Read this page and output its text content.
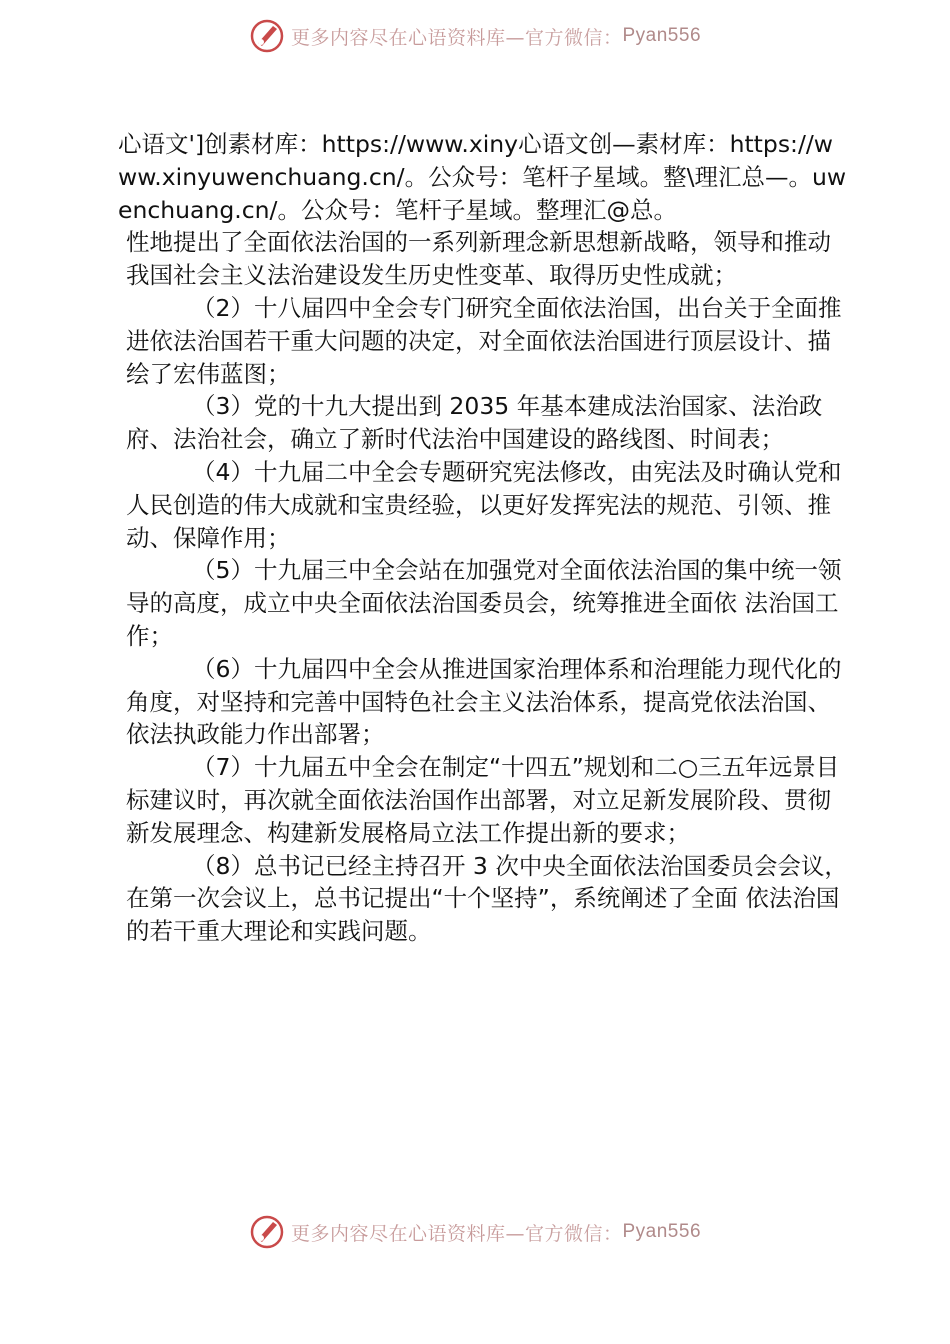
更多内容尽在心语资料库— 官方微信： Pyan556
心语文']创素材库：https://www.xiny心语文创—素材库：https://www.xinyuwenchuang.cn/。公众号：笔杆子星域。整\理汇总—。uwenchuang.cn/。公众号：笔杆子星域。整理汇@总。

性地提出了全面依法治国的一系列新理念新思想新战略，领导和推动我国社会主义法治建设发生历史性变革、取得历史性成就；

（2）十八届四中全会专门研究全面依法治国，出台关于全面推进依法治国若干重大问题的决定，对全面依法治国进行顶层设计、描绘了宏伟蓝图；

（3）党的十九大提出到 2035 年基本建成法治国家、法治政府、法治社会，确立了新时代法治中国建设的路线图、时间表；

（4）十九届二中全会专题研究宪法修改，由宪法及时确认党和人民创造的伟大成就和宝贵经验，以更好发挥宪法的规范、引领、推动、保障作用；

（5）十九届三中全会站在加强党对全面依法治国的集中统一领导的高度，成立中央全面依法治国委员会，统筹推进全面依 法治国工作；

（6）十九届四中全会从推进国家治理体系和治理能力现代化的角度，对坚持和完善中国特色社会主义法治体系，提高党依法治国、依法执政能力作出部署；

（7）十九届五中全会在制定“十四五”规划和二○三五年远景目标建议时，再次就全面依法治国作出部署，对立足新发展阶段、贯彻新发展理念、构建新发展格局立法工作提出新的要求；

（8）总书记已经主持召开 3 次中央全面依法治国委员会会议，在第一次会议上，总书记提出“十个坚持”，系统阐述了全面 依法治国的若干重大理论和实践问题。

更多内容尽在心语资料库— 官方微信： Pyan556
